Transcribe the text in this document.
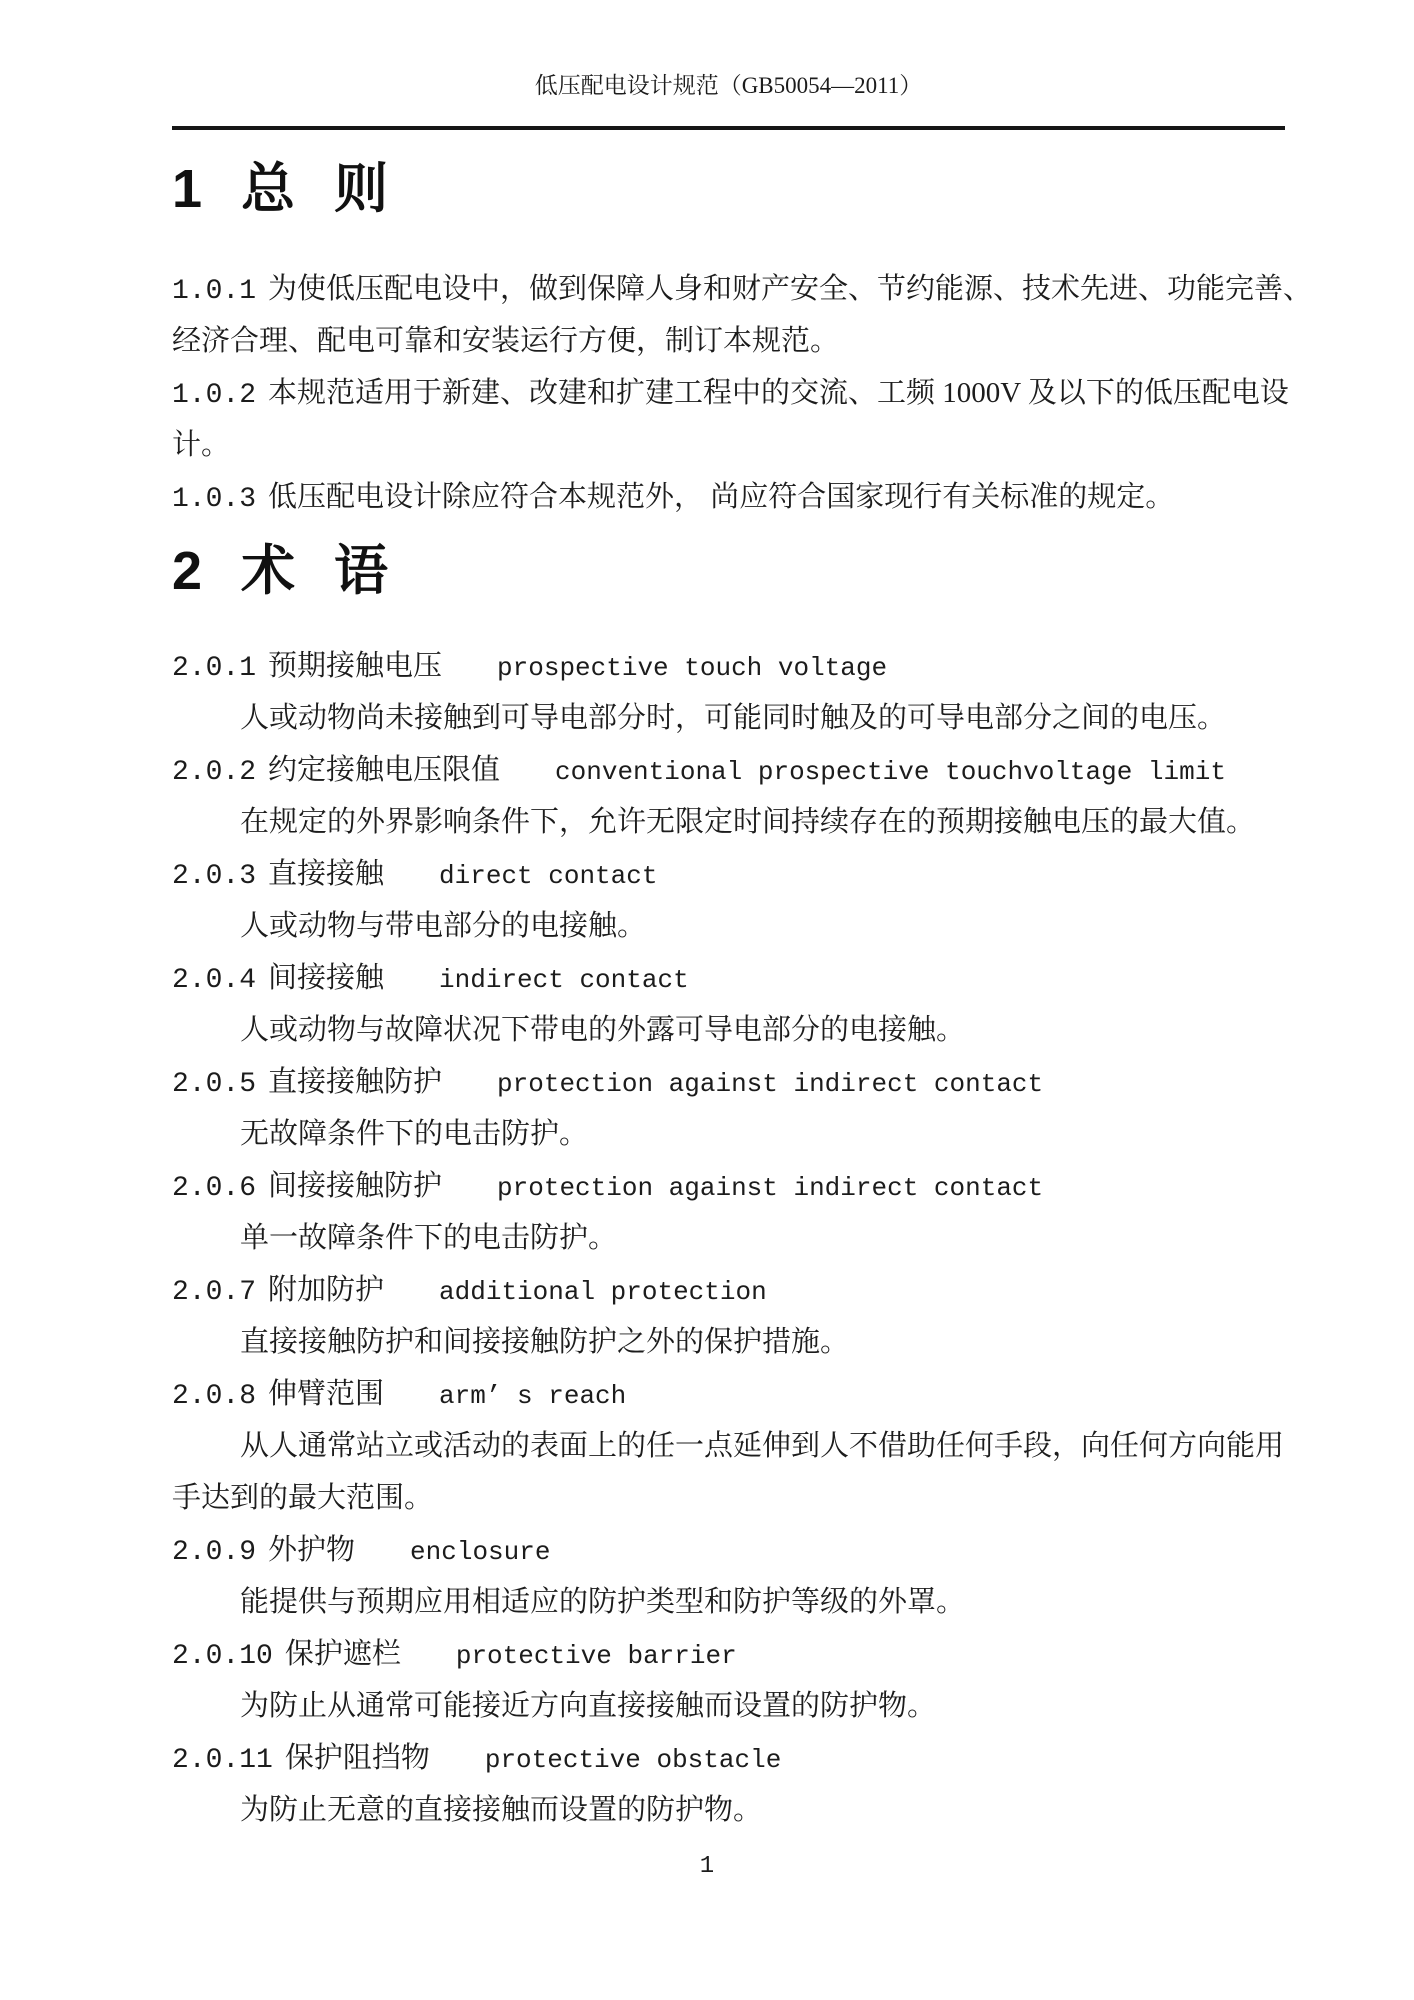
低压配电设计规范（GB50054—2011）
1 总 则
1.0.1 为使低压配电设中，做到保障人身和财产安全、节约能源、技术先进、功能完善、
经济合理、配电可靠和安装运行方便，制订本规范。
1.0.2 本规范适用于新建、改建和扩建工程中的交流、工频 1000V 及以下的低压配电设
计。
1.0.3 低压配电设计除应符合本规范外， 尚应符合国家现行有关标准的规定。
2 术 语
2.0.1 预期接触电压 prospective touch voltage
人或动物尚未接触到可导电部分时，可能同时触及的可导电部分之间的电压。
2.0.2 约定接触电压限值 conventional prospective touchvoltage limit
在规定的外界影响条件下，允许无限定时间持续存在的预期接触电压的最大值。
2.0.3 直接接触 direct contact
人或动物与带电部分的电接触。
2.0.4 间接接触 indirect contact
人或动物与故障状况下带电的外露可导电部分的电接触。
2.0.5 直接接触防护 protection against indirect contact
无故障条件下的电击防护。
2.0.6 间接接触防护 protection against indirect contact
单一故障条件下的电击防护。
2.0.7 附加防护 additional protection
直接接触防护和间接接触防护之外的保护措施。
2.0.8 伸臂范围 arm’ s reach
从人通常站立或活动的表面上的任一点延伸到人不借助任何手段，向任何方向能用
手达到的最大范围。
2.0.9 外护物 enclosure
能提供与预期应用相适应的防护类型和防护等级的外罩。
2.0.10 保护遮栏 protective barrier
为防止从通常可能接近方向直接接触而设置的防护物。
2.0.11 保护阻挡物 protective obstacle
为防止无意的直接接触而设置的防护物。
1
